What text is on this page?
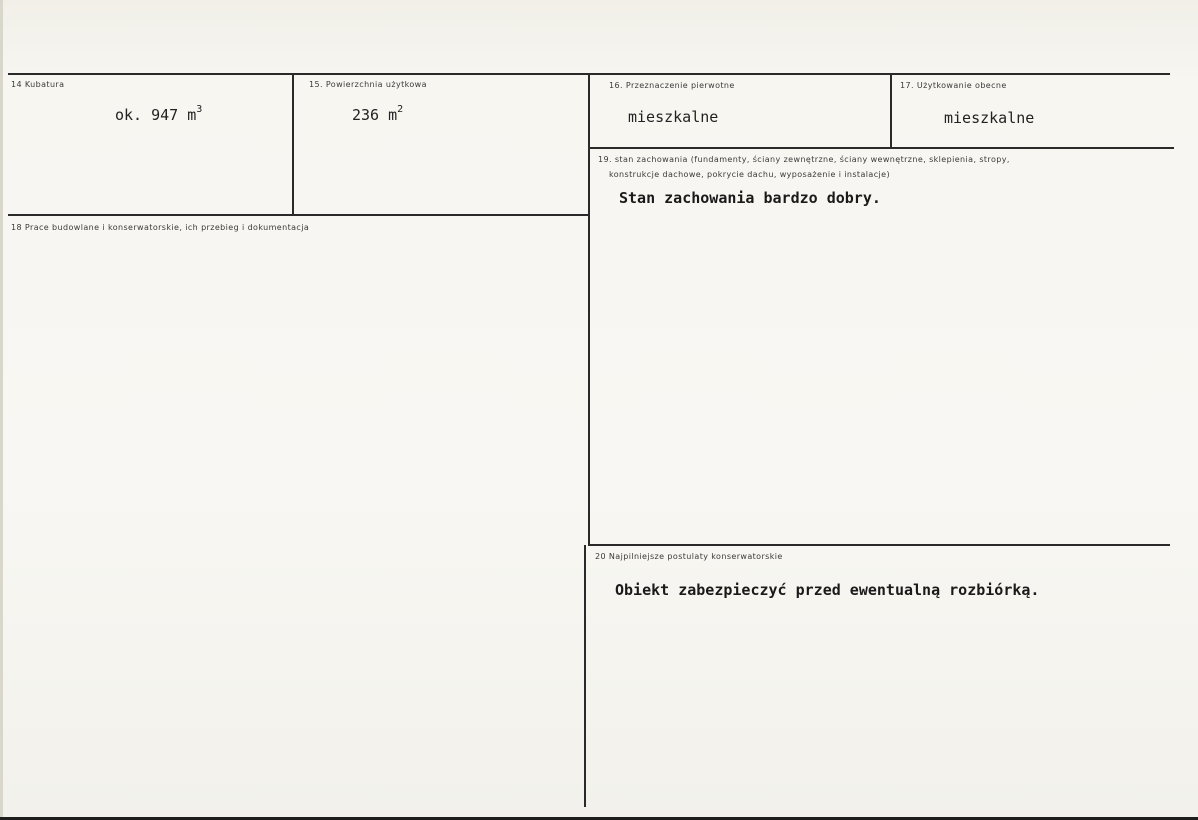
14 Kubatura
ok. 947 $m^3$
15. Powierzchnia użytkowa
236 $m^2$
16. Przeznaczenie pierwotne
mieszkalne
17. Użytkowanie obecne
mieszkalne
18 Prace budowlane i konserwatorskie, ich przebieg i dokumentacja
19. stan zachowania (fundamenty, ściany zewnętrzne, ściany wewnętrzne, sklepienia, stropy,
konstrukcje dachowe, pokrycie dachu, wyposażenie i instalacje)
Stan zachowania bardzo dobry.
20 Najpilniejsze postulaty konserwatorskie
Obiekt zabezpieczyć przed ewentualną rozbiórką.
